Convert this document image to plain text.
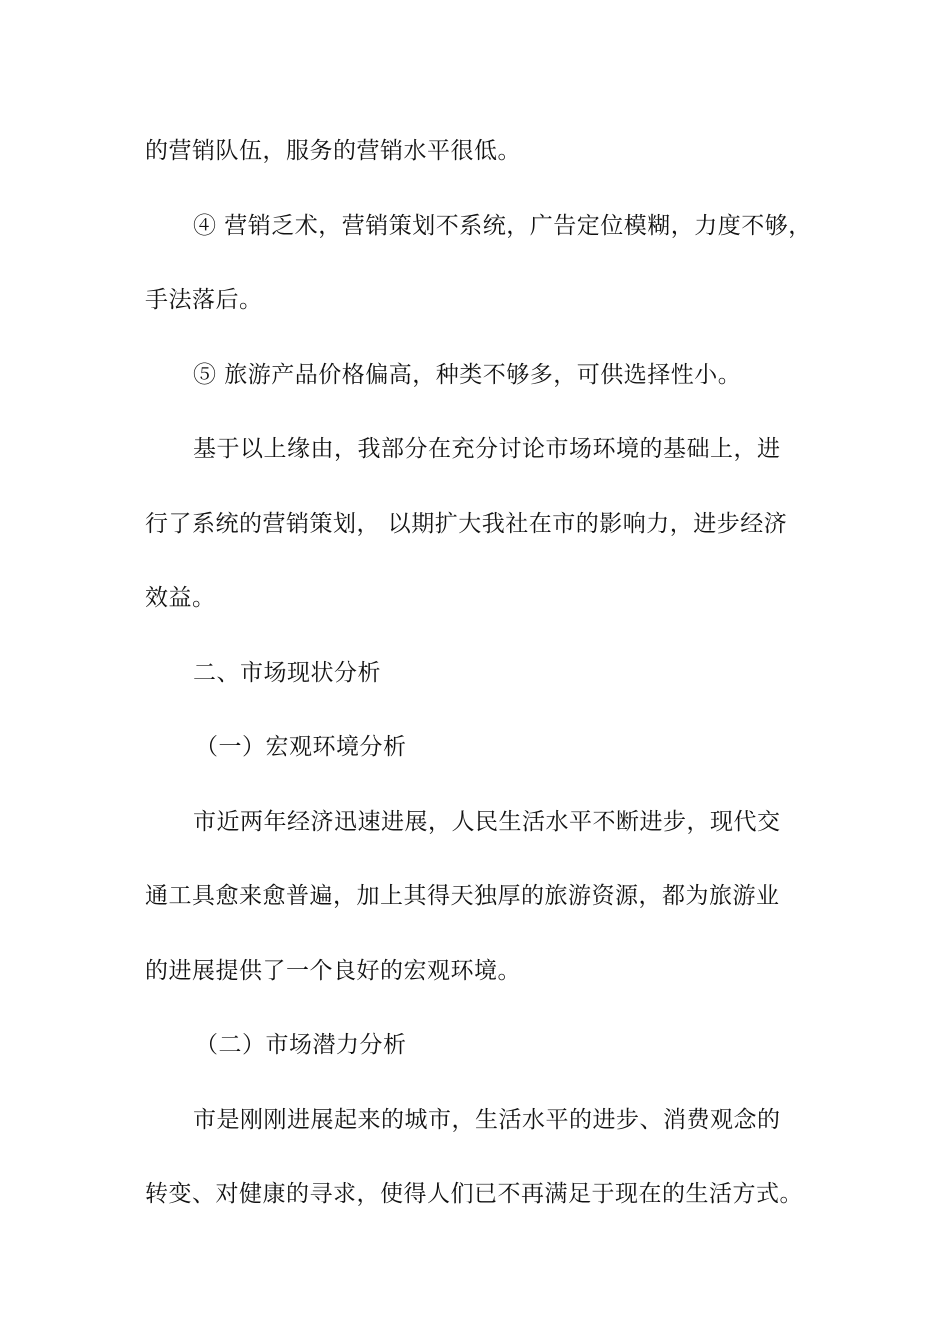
的营销队伍，服务的营销水平很低。
④ 营销乏术，营销策划不系统，广告定位模糊，力度不够，
手法落后。
⑤ 旅游产品价格偏高，种类不够多，可供选择性小。
基于以上缘由，我部分在充分讨论市场环境的基础上，进
行了系统的营销策划， 以期扩大我社在市的影响力，进步经济
效益。
二、市场现状分析
（一）宏观环境分析
市近两年经济迅速进展，人民生活水平不断进步，现代交
通工具愈来愈普遍，加上其得天独厚的旅游资源，都为旅游业
的进展提供了一个良好的宏观环境。
（二）市场潜力分析
市是刚刚进展起来的城市，生活水平的进步、消费观念的
转变、对健康的寻求，使得人们已不再满足于现在的生活方式。
